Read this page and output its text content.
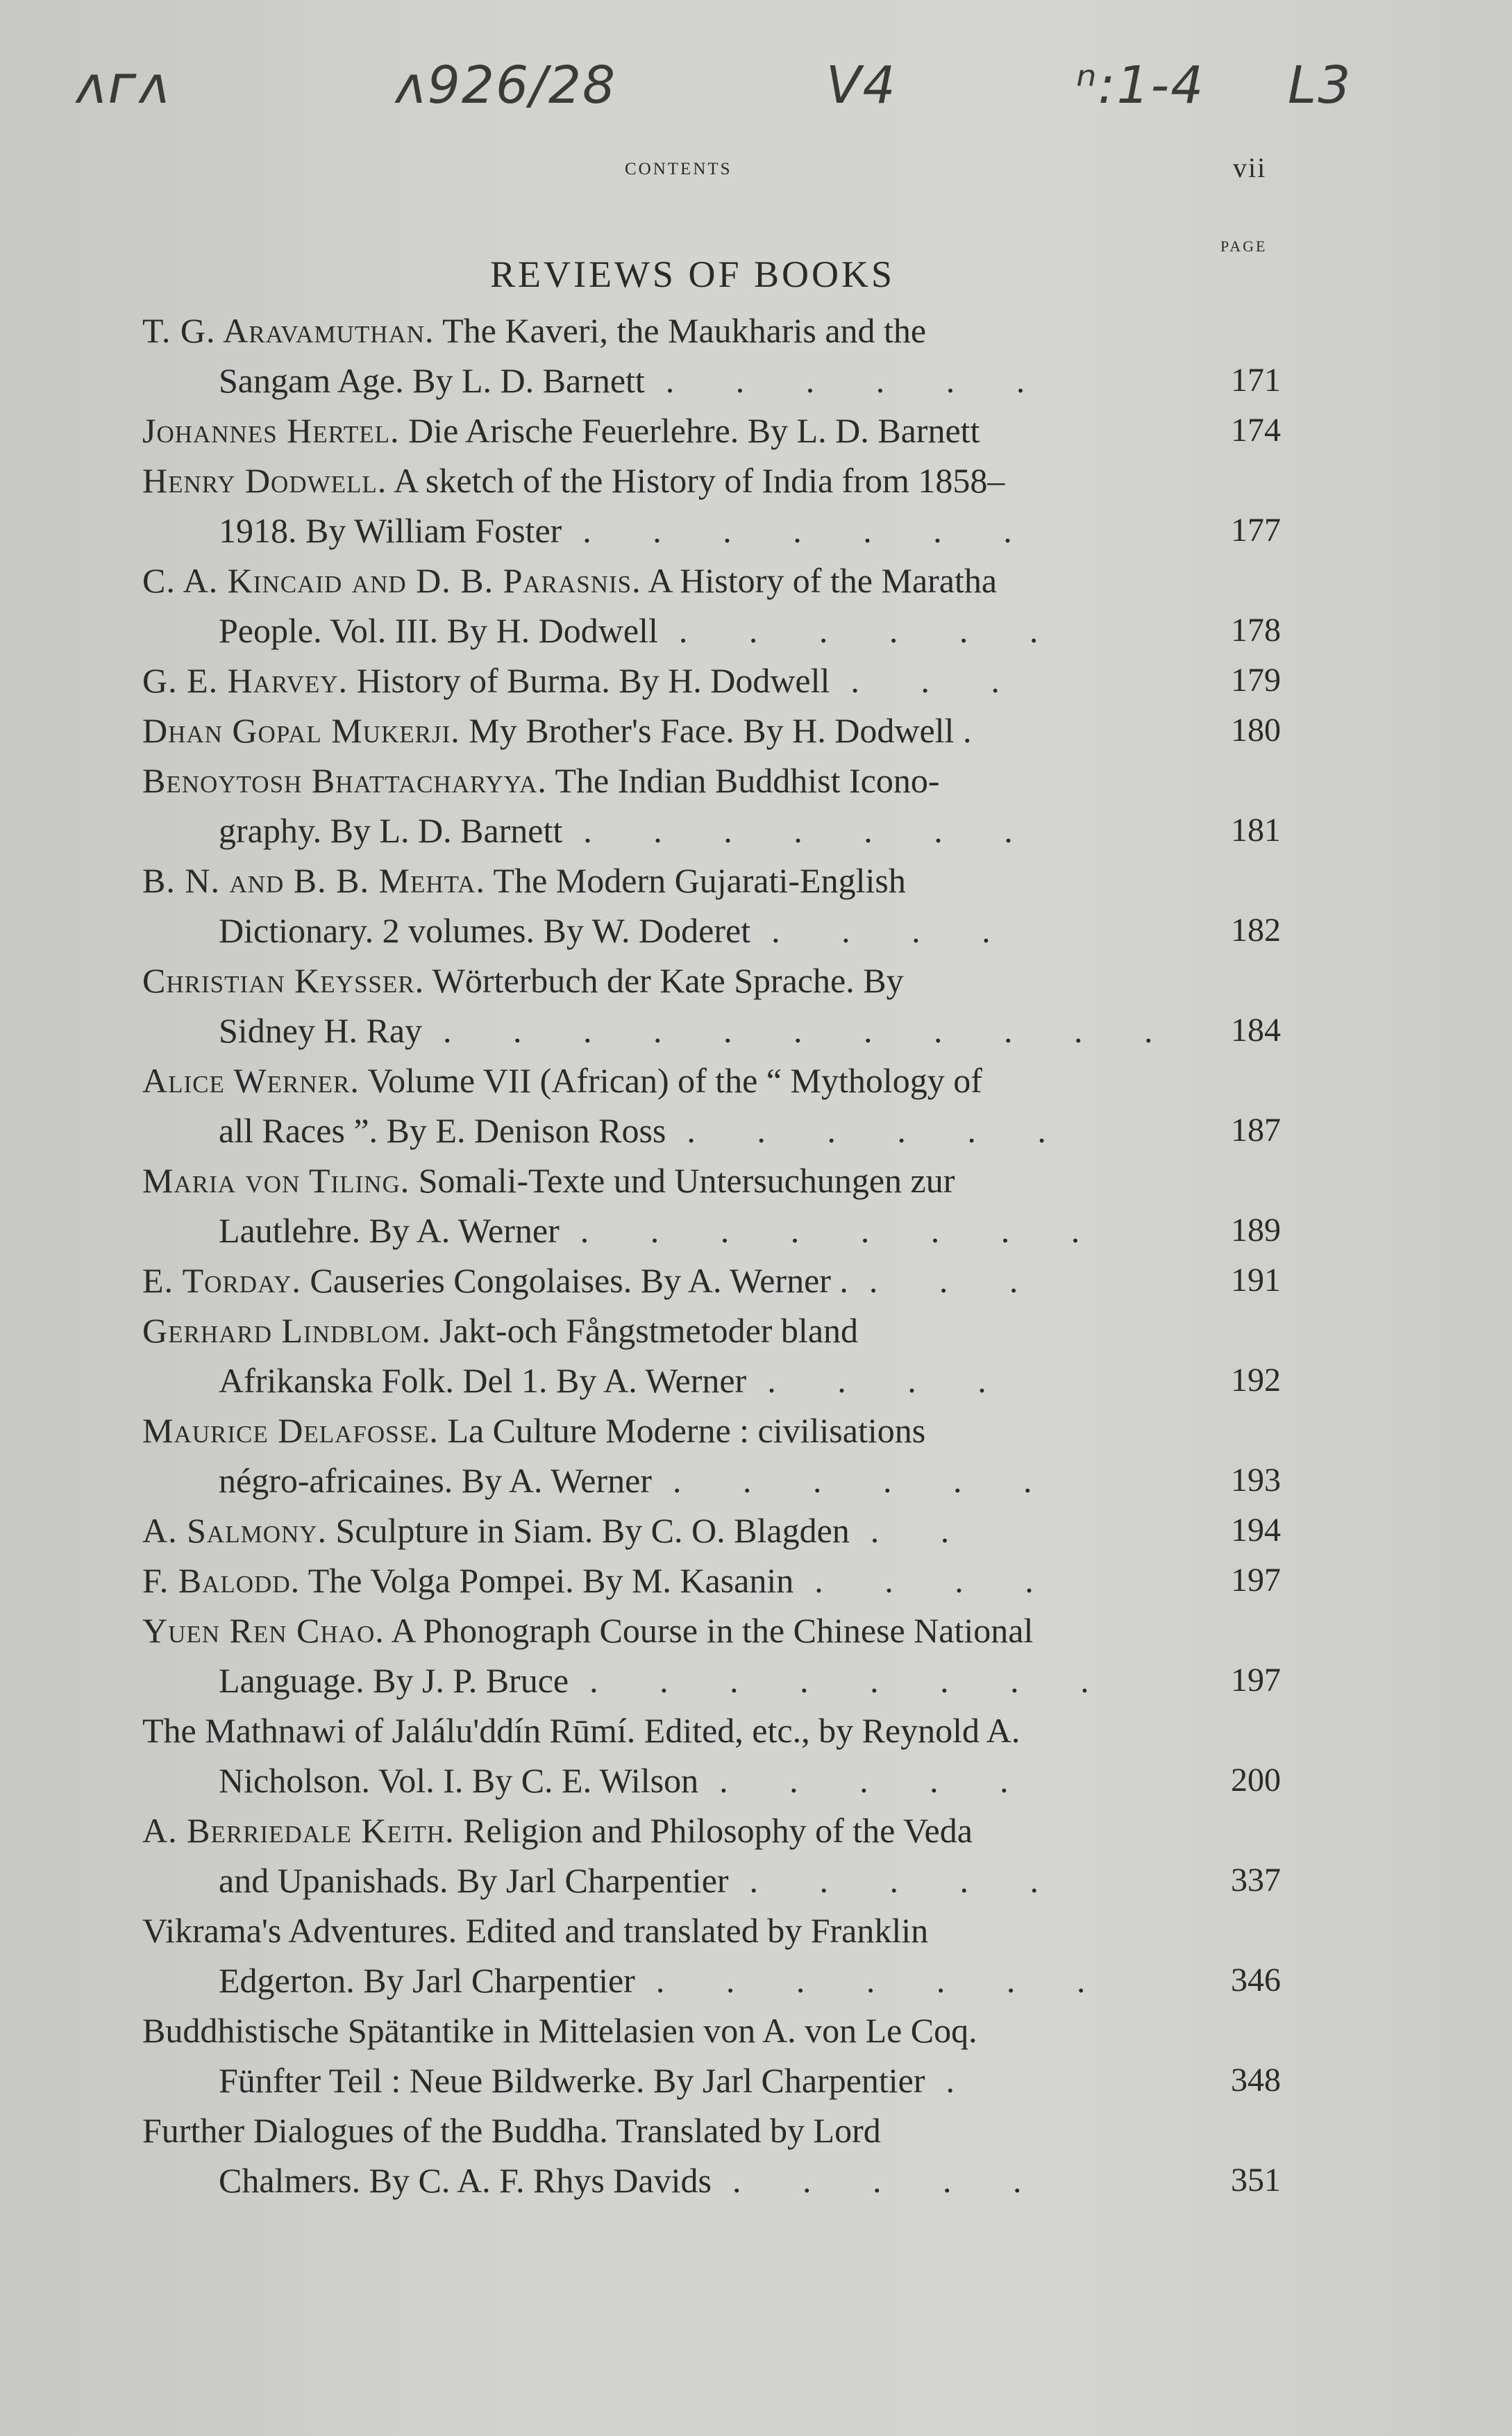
ᴧᴦᴧ	ᴧ926/28	V4	ⁿ:1-4 L3
contents	vii
PAGE
REVIEWS OF BOOKS
T. G. Aravamuthan. The Kaveri, the Maukharis and the
Sangam Age. By L. D. Barnett . . . . . .	171
Johannes Hertel. Die Arische Feuerlehre. By L. D. Barnett	174
Henry Dodwell. A sketch of the History of India from 1858–
1918. By William Foster . . . . . . .	177
C. A. Kincaid and D. B. Parasnis. A History of the Maratha
People. Vol. III. By H. Dodwell . . . . . .	178
G. E. Harvey. History of Burma. By H. Dodwell . . .	179
Dhan Gopal Mukerji. My Brother's Face. By H. Dodwell .	180
Benoytosh Bhattacharyya. The Indian Buddhist Icono-
graphy. By L. D. Barnett . . . . . . .	181
B. N. and B. B. Mehta. The Modern Gujarati-English
Dictionary. 2 volumes. By W. Doderet . . . .	182
Christian Keysser. Wörterbuch der Kate Sprache. By
Sidney H. Ray . . . . . . . . . . . 184
Alice Werner. Volume VII (African) of the “ Mythology of
all Races ”. By E. Denison Ross . . . . . .	187
Maria von Tiling. Somali-Texte und Untersuchungen zur
Lautlehre. By A. Werner . . . . . . . .	189
E. Torday. Causeries Congolaises. By A. Werner . . . .	191
Gerhard Lindblom. Jakt-och Fångstmetoder bland
Afrikanska Folk. Del 1. By A. Werner . . . .	192
Maurice Delafosse. La Culture Moderne : civilisations
négro-africaines. By A. Werner . . . . . .	193
A. Salmony. Sculpture in Siam. By C. O. Blagden . .	194
F. Balodd. The Volga Pompei. By M. Kasanin . . . .	197
Yuen Ren Chao. A Phonograph Course in the Chinese National
Language. By J. P. Bruce . . . . . . . .	197
The Mathnawi of Jalálu'ddín Rūmí. Edited, etc., by Reynold A.
Nicholson. Vol. I. By C. E. Wilson . . . . .	200
A. Berriedale Keith. Religion and Philosophy of the Veda
and Upanishads. By Jarl Charpentier . . . . .	337
Vikrama's Adventures. Edited and translated by Franklin
Edgerton. By Jarl Charpentier . . . . . . .	346
Buddhistische Spätantike in Mittelasien von A. von Le Coq.
Fünfter Teil : Neue Bildwerke. By Jarl Charpentier .	348
Further Dialogues of the Buddha. Translated by Lord
Chalmers. By C. A. F. Rhys Davids . . . . .	351
